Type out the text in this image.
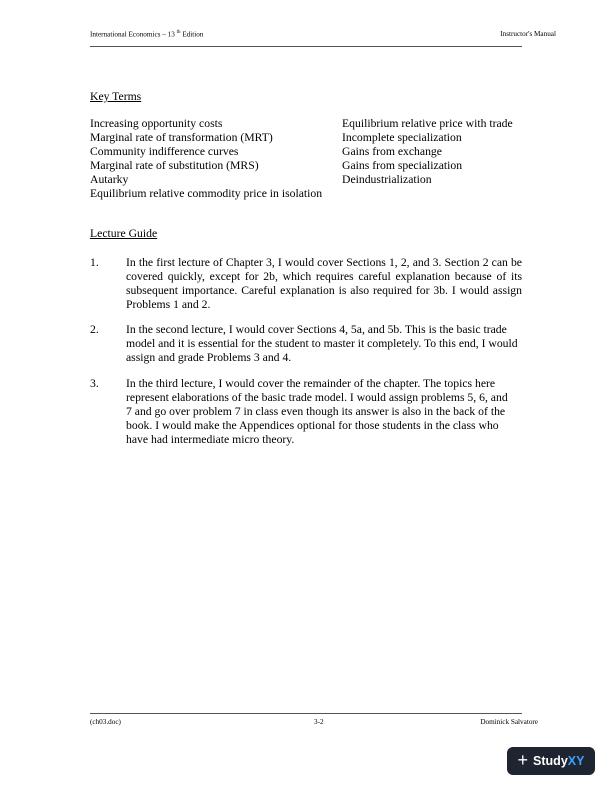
International Economics – 13 $^{th}$ Edition	Instructor's Manual
Key Terms
Increasing opportunity costs
Marginal rate of transformation (MRT)
Community indifference curves
Marginal rate of substitution (MRS)
Autarky
Equilibrium relative commodity price in isolation
Equilibrium relative price with trade
Incomplete specialization
Gains from exchange
Gains from specialization
Deindustrialization
Lecture Guide
1. In the first lecture of Chapter 3, I would cover Sections 1, 2, and 3. Section 2 can be covered quickly, except for 2b, which requires careful explanation because of its subsequent importance. Careful explanation is also required for 3b. I would assign Problems 1 and 2.
2. In the second lecture, I would cover Sections 4, 5a, and 5b. This is the basic trade model and it is essential for the student to master it completely. To this end, I would assign and grade Problems 3 and 4.
3. In the third lecture, I would cover the remainder of the chapter. The topics here represent elaborations of the basic trade model. I would assign problems 5, 6, and 7 and go over problem 7 in class even though its answer is also in the back of the book. I would make the Appendices optional for those students in the class who have had intermediate micro theory.
(ch03.doc)	3-2	Dominick Salvatore
+ StudyXY
